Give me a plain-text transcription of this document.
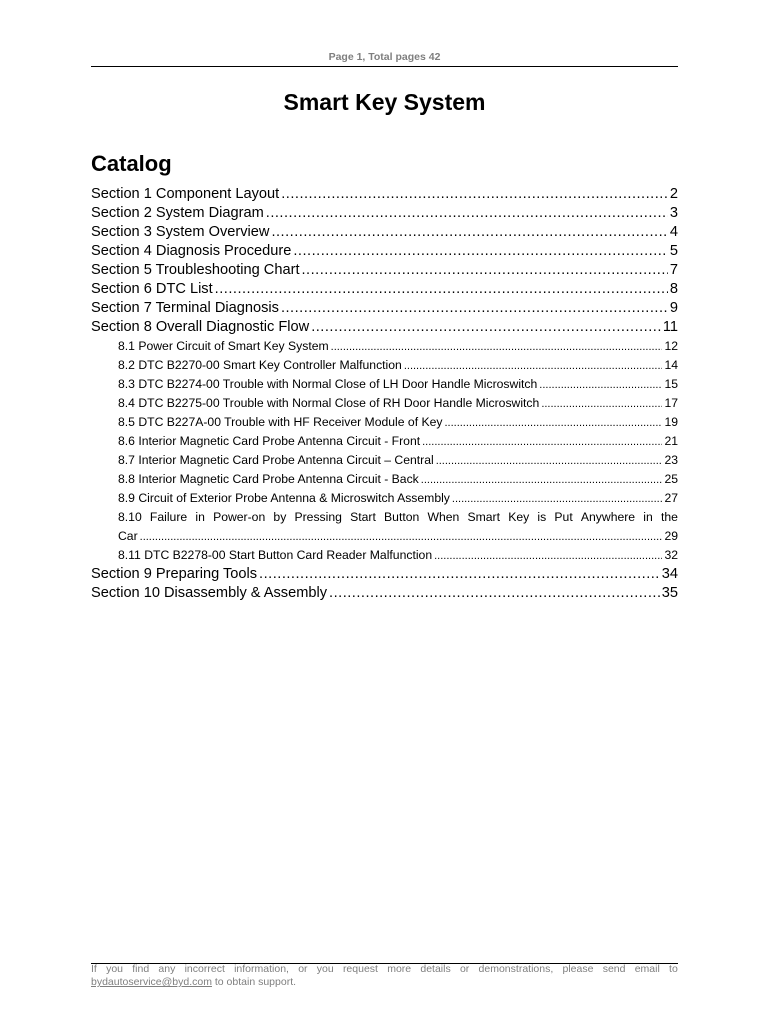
Page 1, Total pages 42
Smart Key System
Catalog
Section 1 Component Layout .....	2
Section 2 System Diagram .....	3
Section 3 System Overview .....	4
Section 4 Diagnosis Procedure .....	5
Section 5 Troubleshooting Chart .....	7
Section 6 DTC List .....	8
Section 7 Terminal Diagnosis .....	9
Section 8 Overall Diagnostic Flow .....	11
8.1 Power Circuit of Smart Key System .....	12
8.2 DTC B2270-00 Smart Key Controller Malfunction .....	14
8.3 DTC B2274-00 Trouble with Normal Close of LH Door Handle Microswitch .....	15
8.4 DTC B2275-00 Trouble with Normal Close of RH Door Handle Microswitch .....	17
8.5 DTC B227A-00 Trouble with HF Receiver Module of Key .....	19
8.6 Interior Magnetic Card Probe Antenna Circuit - Front .....	21
8.7 Interior Magnetic Card Probe Antenna Circuit – Central .....	23
8.8 Interior Magnetic Card Probe Antenna Circuit - Back .....	25
8.9 Circuit of Exterior Probe Antenna & Microswitch Assembly .....	27
8.10 Failure in Power-on by Pressing Start Button When Smart Key is Put Anywhere in the
Car .....	29
8.11 DTC B2278-00 Start Button Card Reader Malfunction .....	32
Section 9 Preparing Tools .....	34
Section 10 Disassembly & Assembly .....	35
If you find any incorrect information, or you request more details or demonstrations, please send email to
bydautoservice@byd.com to obtain support.
